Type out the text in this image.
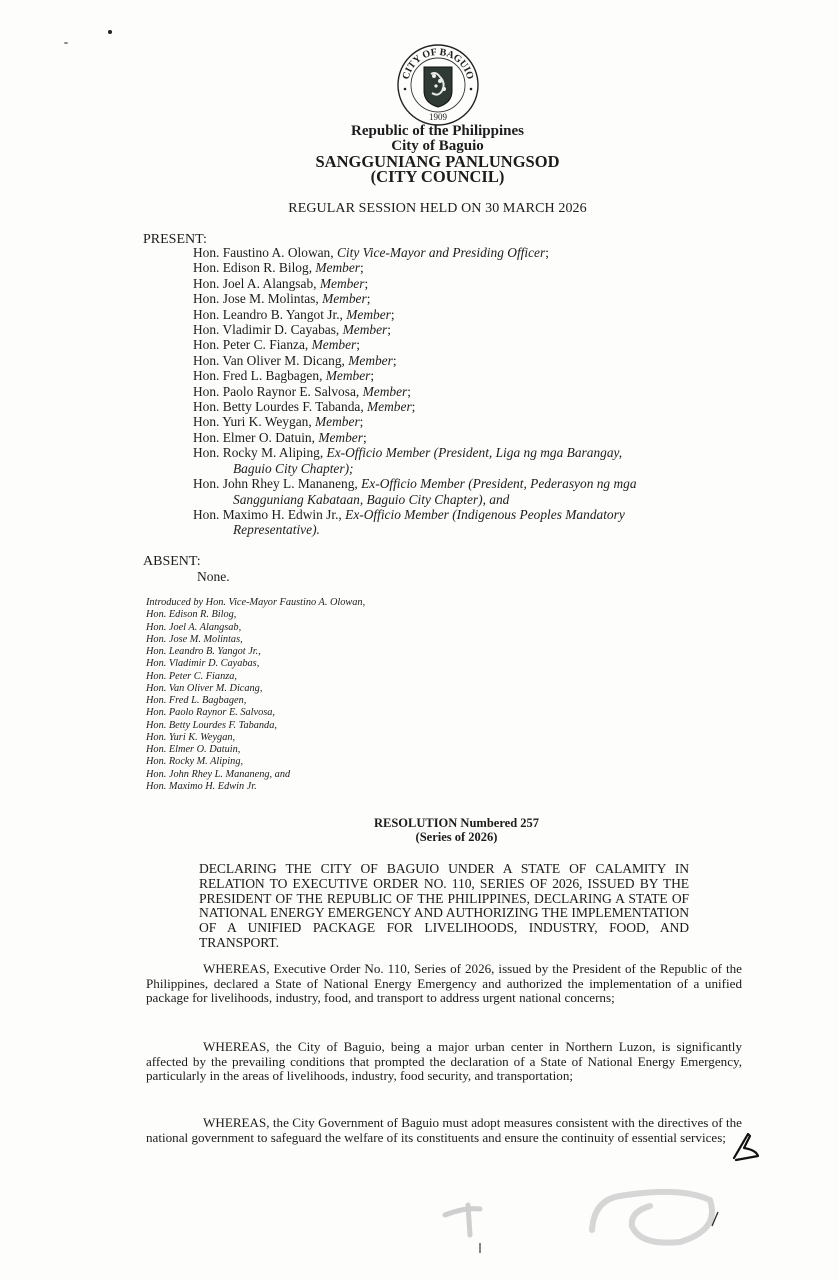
CITY OF BAGUIO
1909
Republic of the Philippines
City of Baguio
SANGGUNIANG PANLUNGSOD
(CITY COUNCIL)
REGULAR SESSION HELD ON 30 MARCH 2026
PRESENT:
Hon. Faustino A. Olowan, City Vice-Mayor and Presiding Officer;
Hon. Edison R. Bilog, Member;
Hon. Joel A. Alangsab, Member;
Hon. Jose M. Molintas, Member;
Hon. Leandro B. Yangot Jr., Member;
Hon. Vladimir D. Cayabas, Member;
Hon. Peter C. Fianza, Member;
Hon. Van Oliver M. Dicang, Member;
Hon. Fred L. Bagbagen, Member;
Hon. Paolo Raynor E. Salvosa, Member;
Hon. Betty Lourdes F. Tabanda, Member;
Hon. Yuri K. Weygan, Member;
Hon. Elmer O. Datuin, Member;
Hon. Rocky M. Aliping, Ex-Officio Member (President, Liga ng mga Barangay,
Baguio City Chapter);
Hon. John Rhey L. Mananeng, Ex-Officio Member (President, Pederasyon ng mga
Sangguniang Kabataan, Baguio City Chapter), and
Hon. Maximo H. Edwin Jr., Ex-Officio Member (Indigenous Peoples Mandatory
Representative).
ABSENT:
None.
Introduced by Hon. Vice-Mayor Faustino A. Olowan,
Hon. Edison R. Bilog,
Hon. Joel A. Alangsab,
Hon. Jose M. Molintas,
Hon. Leandro B. Yangot Jr.,
Hon. Vladimir D. Cayabas,
Hon. Peter C. Fianza,
Hon. Van Oliver M. Dicang,
Hon. Fred L. Bagbagen,
Hon. Paolo Raynor E. Salvosa,
Hon. Betty Lourdes F. Tabanda,
Hon. Yuri K. Weygan,
Hon. Elmer O. Datuin,
Hon. Rocky M. Aliping,
Hon. John Rhey L. Mananeng, and
Hon. Maximo H. Edwin Jr.
RESOLUTION Numbered 257
(Series of 2026)
DECLARING THE CITY OF BAGUIO UNDER A STATE OF CALAMITY IN RELATION TO EXECUTIVE ORDER NO. 110, SERIES OF 2026, ISSUED BY THE PRESIDENT OF THE REPUBLIC OF THE PHILIPPINES, DECLARING A STATE OF NATIONAL ENERGY EMERGENCY AND AUTHORIZING THE IMPLEMENTATION OF A UNIFIED PACKAGE FOR LIVELIHOODS, INDUSTRY, FOOD, AND TRANSPORT.
WHEREAS, Executive Order No. 110, Series of 2026, issued by the President of the Republic of the Philippines, declared a State of National Energy Emergency and authorized the implementation of a unified package for livelihoods, industry, food, and transport to address urgent national concerns;
WHEREAS, the City of Baguio, being a major urban center in Northern Luzon, is significantly affected by the prevailing conditions that prompted the declaration of a State of National Energy Emergency, particularly in the areas of livelihoods, industry, food security, and transportation;
WHEREAS, the City Government of Baguio must adopt measures consistent with the directives of the national government to safeguard the welfare of its constituents and ensure the continuity of essential services;
